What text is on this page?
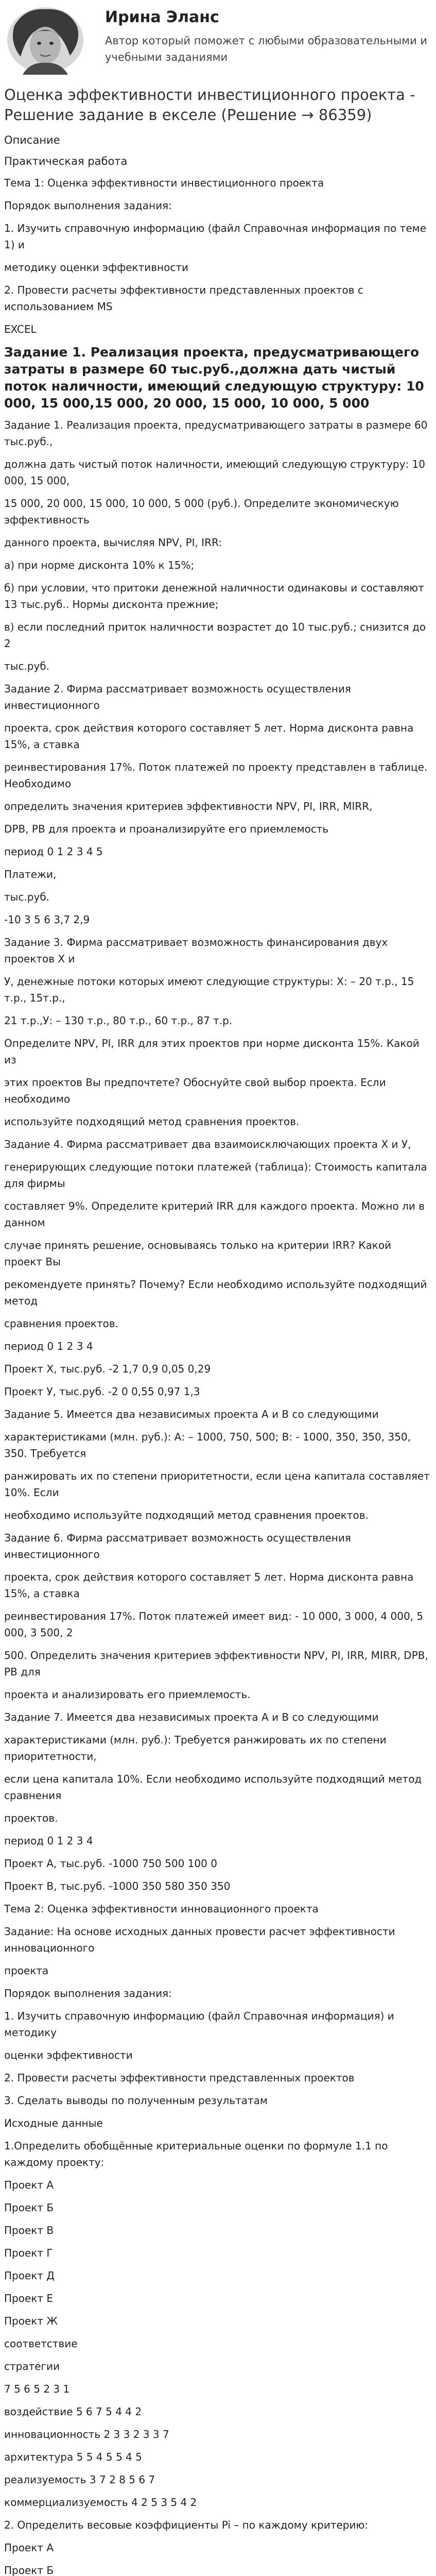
Ирина Эланс
Автор который поможет с любыми образовательными и учебными заданиями
Оценка эффективности инвестиционного проекта - Решение задание в екселе (Решение → 86359)
Описание
Практическая работа

Тема 1: Оценка эффективности инвестиционного проекта

Порядок выполнения задания:

1. Изучить справочную информацию (файл Справочная информация по теме 1) и

методику оценки эффективности

2. Провести расчеты эффективности представленных проектов с использованием MS

EXCEL

Задание 1. Реализация проекта, предусматривающего затраты в размере 60 тыс.руб.,должна дать чистый поток наличности, имеющий следующую структуру: 10 000, 15 000,15 000, 20 000, 15 000, 10 000, 5 000

Задание 1. Реализация проекта, предусматривающего затраты в размере 60 тыс.руб.,

должна дать чистый поток наличности, имеющий следующую структуру: 10 000, 15 000,

15 000, 20 000, 15 000, 10 000, 5 000 (руб.). Определите экономическую эффективность

данного проекта, вычисляя NPV, PI, IRR:

а) при норме дисконта 10% к 15%;

б) при условии, что притоки денежной наличности одинаковы и составляют 13 тыс.руб.. Нормы дисконта прежние;

в) если последний приток наличности возрастет до 10 тыс.руб.; снизится до 2

тыс.руб.

Задание 2. Фирма рассматривает возможность осуществления инвестиционного

проекта, срок действия которого составляет 5 лет. Норма дисконта равна 15%, а ставка

реинвестирования 17%. Поток платежей по проекту представлен в таблице. Необходимо

определить значения критериев эффективности NPV, PI, IRR, MIRR,

DPB, PB для проекта и проанализируйте его приемлемость

период 0 1 2 3 4 5

Платежи,

тыс.руб.

-10 3 5 6 3,7 2,9

Задание 3. Фирма рассматривает возможность финансирования двух проектов Х и

У, денежные потоки которых имеют следующие структуры: Х: – 20 т.р., 15 т.р., 15т.р.,

21 т.р.,У: – 130 т.р., 80 т.р., 60 т.р., 87 т.р.

Определите NPV, PI, IRR для этих проектов при норме дисконта 15%. Какой из

этих проектов Вы предпочтете? Обоснуйте свой выбор проекта. Если необходимо

используйте подходящий метод сравнения проектов.

Задание 4. Фирма рассматривает два взаимоисключающих проекта Х и У,

генерирующих следующие потоки платежей (таблица): Стоимость капитала для фирмы

составляет 9%. Определите критерий IRR для каждого проекта. Можно ли в данном

случае принять решение, основываясь только на критерии IRR? Какой проект Вы

рекомендуете принять? Почему? Если необходимо используйте подходящий метод

сравнения проектов.

период 0 1 2 3 4

Проект Х, тыс.руб. -2 1,7 0,9 0,05 0,29

Проект У, тыс.руб. -2 0 0,55 0,97 1,3

Задание 5. Имеется два независимых проекта А и В со следующими

характеристиками (млн. руб.): А: – 1000, 750, 500; В: - 1000, 350, 350, 350, 350. Требуется

ранжировать их по степени приоритетности, если цена капитала составляет 10%. Если

необходимо используйте подходящий метод сравнения проектов.

Задание 6. Фирма рассматривает возможность осуществления инвестиционного

проекта, срок действия которого составляет 5 лет. Норма дисконта равна 15%, а ставка

реинвестирования 17%. Поток платежей имеет вид: - 10 000, 3 000, 4 000, 5 000, 3 500, 2

500. Определить значения критериев эффективности NPV, PI, IRR, MIRR, DPB, PB для

проекта и анализировать его приемлемость.

Задание 7. Имеется два независимых проекта А и В со следующими

характеристиками (млн. руб.): Требуется ранжировать их по степени приоритетности,

если цена капитала 10%. Если необходимо используйте подходящий метод сравнения

проектов.

период 0 1 2 3 4

Проект А, тыс.руб. -1000 750 500 100 0

Проект В, тыс.руб. -1000 350 580 350 350

Тема 2: Оценка эффективности инновационного проекта

Задание: На основе исходных данных провести расчет эффективности инновационного

проекта

Порядок выполнения задания:

1. Изучить справочную информацию (файл Справочная информация) и методику

оценки эффективности

2. Провести расчеты эффективности представленных проектов

3. Сделать выводы по полученным результатам

Исходные данные

1.Определить обобщённые критериальные оценки по формуле 1.1 по каждому проекту:

Проект А

Проект Б

Проект В

Проект Г

Проект Д

Проект Е

Проект Ж

соответствие

стратегии

7 5 6 5 2 3 1

воздействие 5 6 7 5 4 4 2

инновационность 2 3 3 2 3 3 7

архитектура 5 5 4 5 5 4 5

реализуемость 3 7 2 8 5 6 7

коммерциализуемость 4 2 5 3 5 4 2

2. Определить весовые коэффициенты Pi – по каждому критерию:

Проект А

Проект Б
